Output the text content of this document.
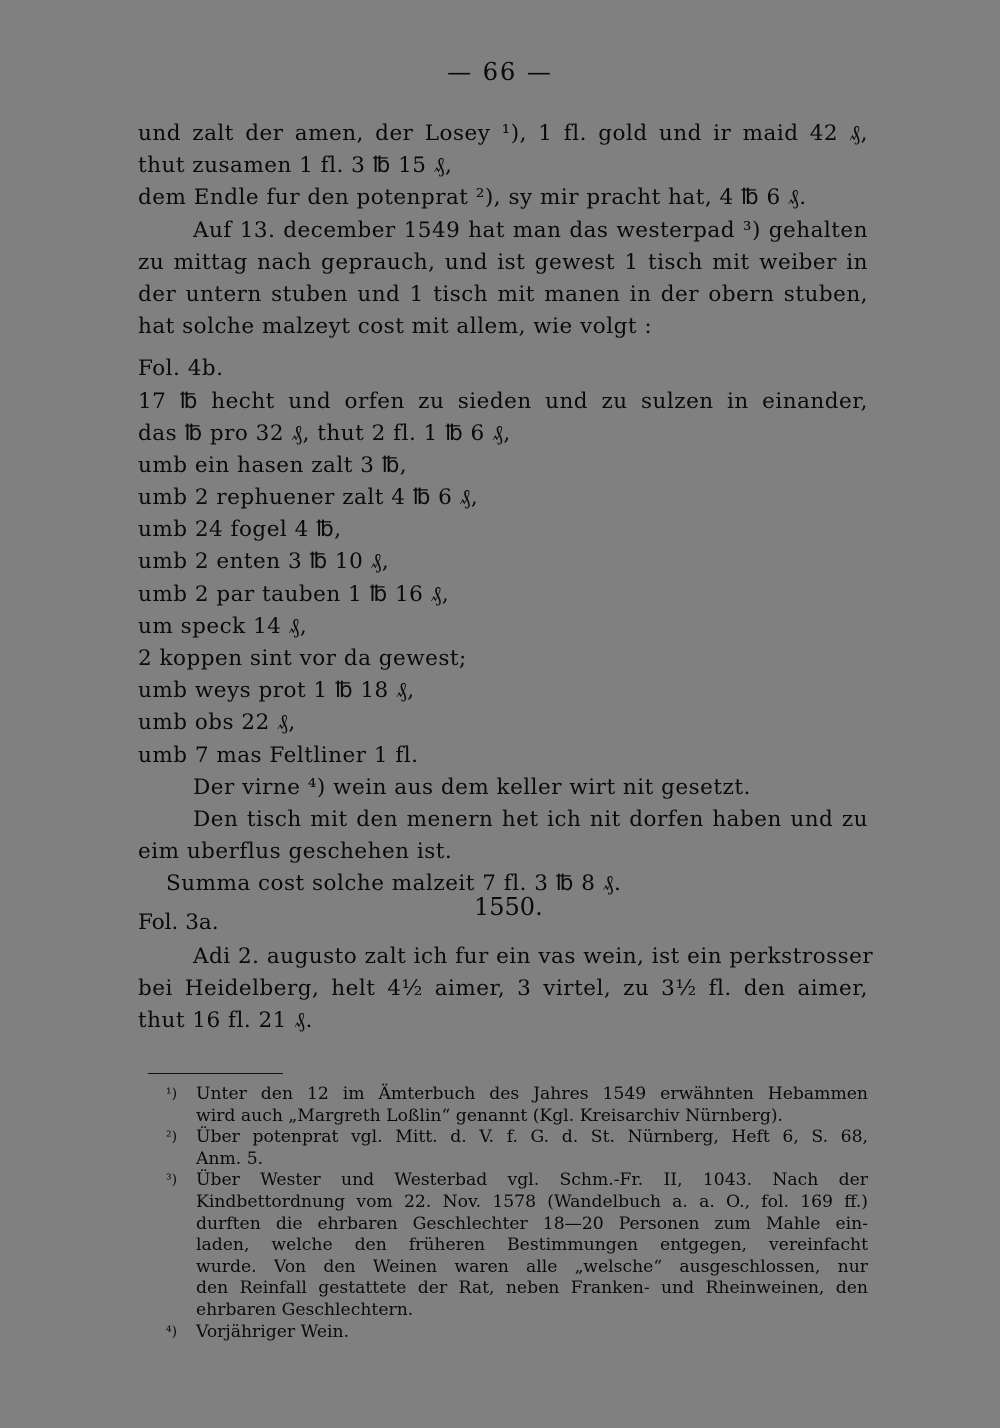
— 66 —
und zalt der amen, der Losey ¹), 1 fl. gold und ir maid 42 ₰,
thut zusamen 1 fl. 3 ℔ 15 ₰,
dem Endle fur den potenprat ²), sy mir pracht hat, 4 ℔ 6 ₰.
Auf 13. december 1549 hat man das westerpad ³) gehalten
zu mittag nach geprauch, und ist gewest 1 tisch mit weiber in
der untern stuben und 1 tisch mit manen in der obern stuben,
hat solche malzeyt cost mit allem, wie volgt :
Fol. 4b.
17 ℔ hecht und orfen zu sieden und zu sulzen in einander,
das ℔ pro 32 ₰, thut 2 fl. 1 ℔ 6 ₰,
umb ein hasen zalt 3 ℔,
umb 2 rephuener zalt 4 ℔ 6 ₰,
umb 24 fogel 4 ℔,
umb 2 enten 3 ℔ 10 ₰,
umb 2 par tauben 1 ℔ 16 ₰,
um speck 14 ₰,
2 koppen sint vor da gewest;
umb weys prot 1 ℔ 18 ₰,
umb obs 22 ₰,
umb 7 mas Feltliner 1 fl.
Der virne ⁴) wein aus dem keller wirt nit gesetzt.
Den tisch mit den menern het ich nit dorfen haben und zu
eim uberflus geschehen ist.
Summa cost solche malzeit 7 fl. 3 ℔ 8 ₰.
Fol. 3a.
1550.
Adi 2. augusto zalt ich fur ein vas wein, ist ein perkstrosser
bei Heidelberg, helt 4½ aimer, 3 virtel, zu 3½ fl. den aimer,
thut 16 fl. 21 ₰.
¹) Unter den 12 im Ämterbuch des Jahres 1549 erwähnten Hebammen
wird auch „Margreth Loßlin“ genannt (Kgl. Kreisarchiv Nürnberg).
²) Über potenprat vgl. Mitt. d. V. f. G. d. St. Nürnberg, Heft 6, S. 68,
Anm. 5.
³) Über Wester und Westerbad vgl. Schm.-Fr. II, 1043. Nach der
Kindbettordnung vom 22. Nov. 1578 (Wandelbuch a. a. O., fol. 169 ff.)
durften die ehrbaren Geschlechter 18—20 Personen zum Mahle ein-
laden, welche den früheren Bestimmungen entgegen, vereinfacht
wurde. Von den Weinen waren alle „welsche“ ausgeschlossen, nur
den Reinfall gestattete der Rat, neben Franken- und Rheinweinen, den
ehrbaren Geschlechtern.
⁴) Vorjähriger Wein.
